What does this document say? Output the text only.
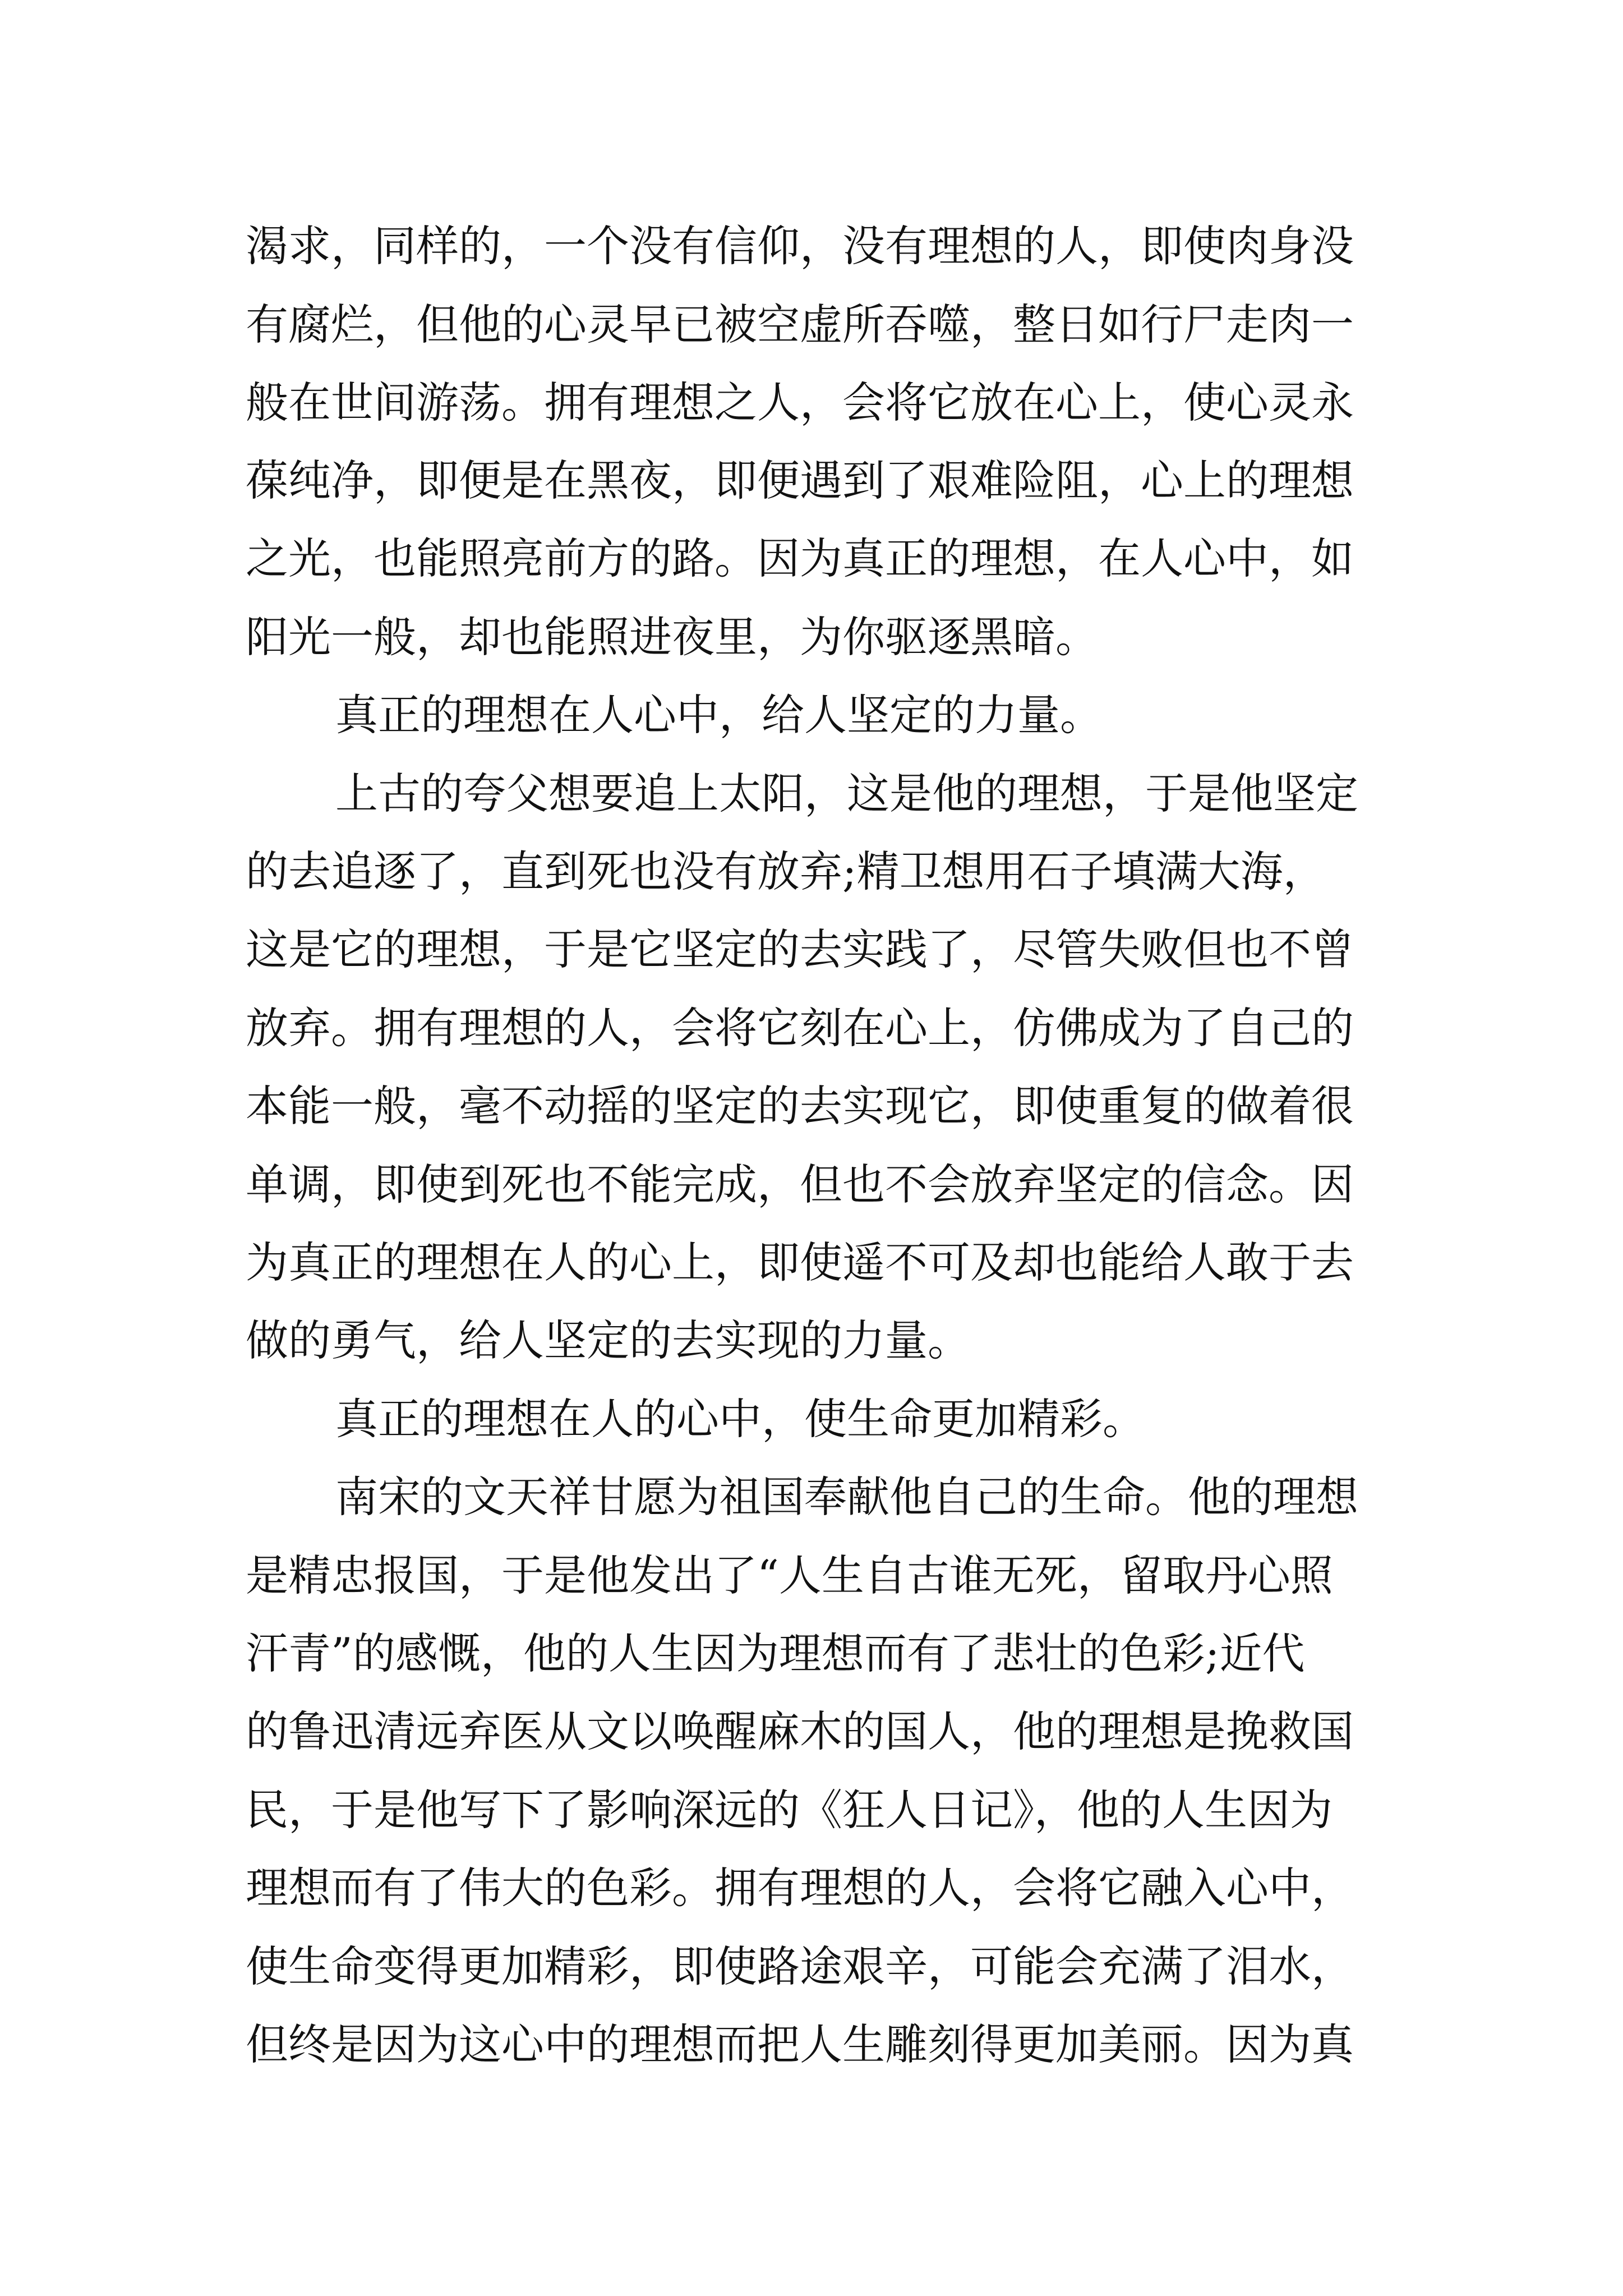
渴求，同样的，一个没有信仰，没有理想的人，即使肉身没
有腐烂，但他的心灵早已被空虚所吞噬，整日如行尸走肉一
般在世间游荡。拥有理想之人，会将它放在心上，使心灵永
葆纯净，即便是在黑夜，即便遇到了艰难险阻，心上的理想
之光，也能照亮前方的路。因为真正的理想，在人心中，如
阳光一般，却也能照进夜里，为你驱逐黑暗。
真正的理想在人心中，给人坚定的力量。
上古的夸父想要追上太阳，这是他的理想，于是他坚定
的去追逐了，直到死也没有放弃;精卫想用石子填满大海，
这是它的理想，于是它坚定的去实践了，尽管失败但也不曾
放弃。拥有理想的人，会将它刻在心上，仿佛成为了自己的
本能一般，毫不动摇的坚定的去实现它，即使重复的做着很
单调，即使到死也不能完成，但也不会放弃坚定的信念。因
为真正的理想在人的心上，即使遥不可及却也能给人敢于去
做的勇气，给人坚定的去实现的力量。
真正的理想在人的心中，使生命更加精彩。
南宋的文天祥甘愿为祖国奉献他自己的生命。他的理想
是精忠报国，于是他发出了“人生自古谁无死，留取丹心照
汗青”的感慨，他的人生因为理想而有了悲壮的色彩;近代
的鲁迅清远弃医从文以唤醒麻木的国人，他的理想是挽救国
民，于是他写下了影响深远的《狂人日记》，他的人生因为
理想而有了伟大的色彩。拥有理想的人，会将它融入心中，
使生命变得更加精彩，即使路途艰辛，可能会充满了泪水，
但终是因为这心中的理想而把人生雕刻得更加美丽。因为真
